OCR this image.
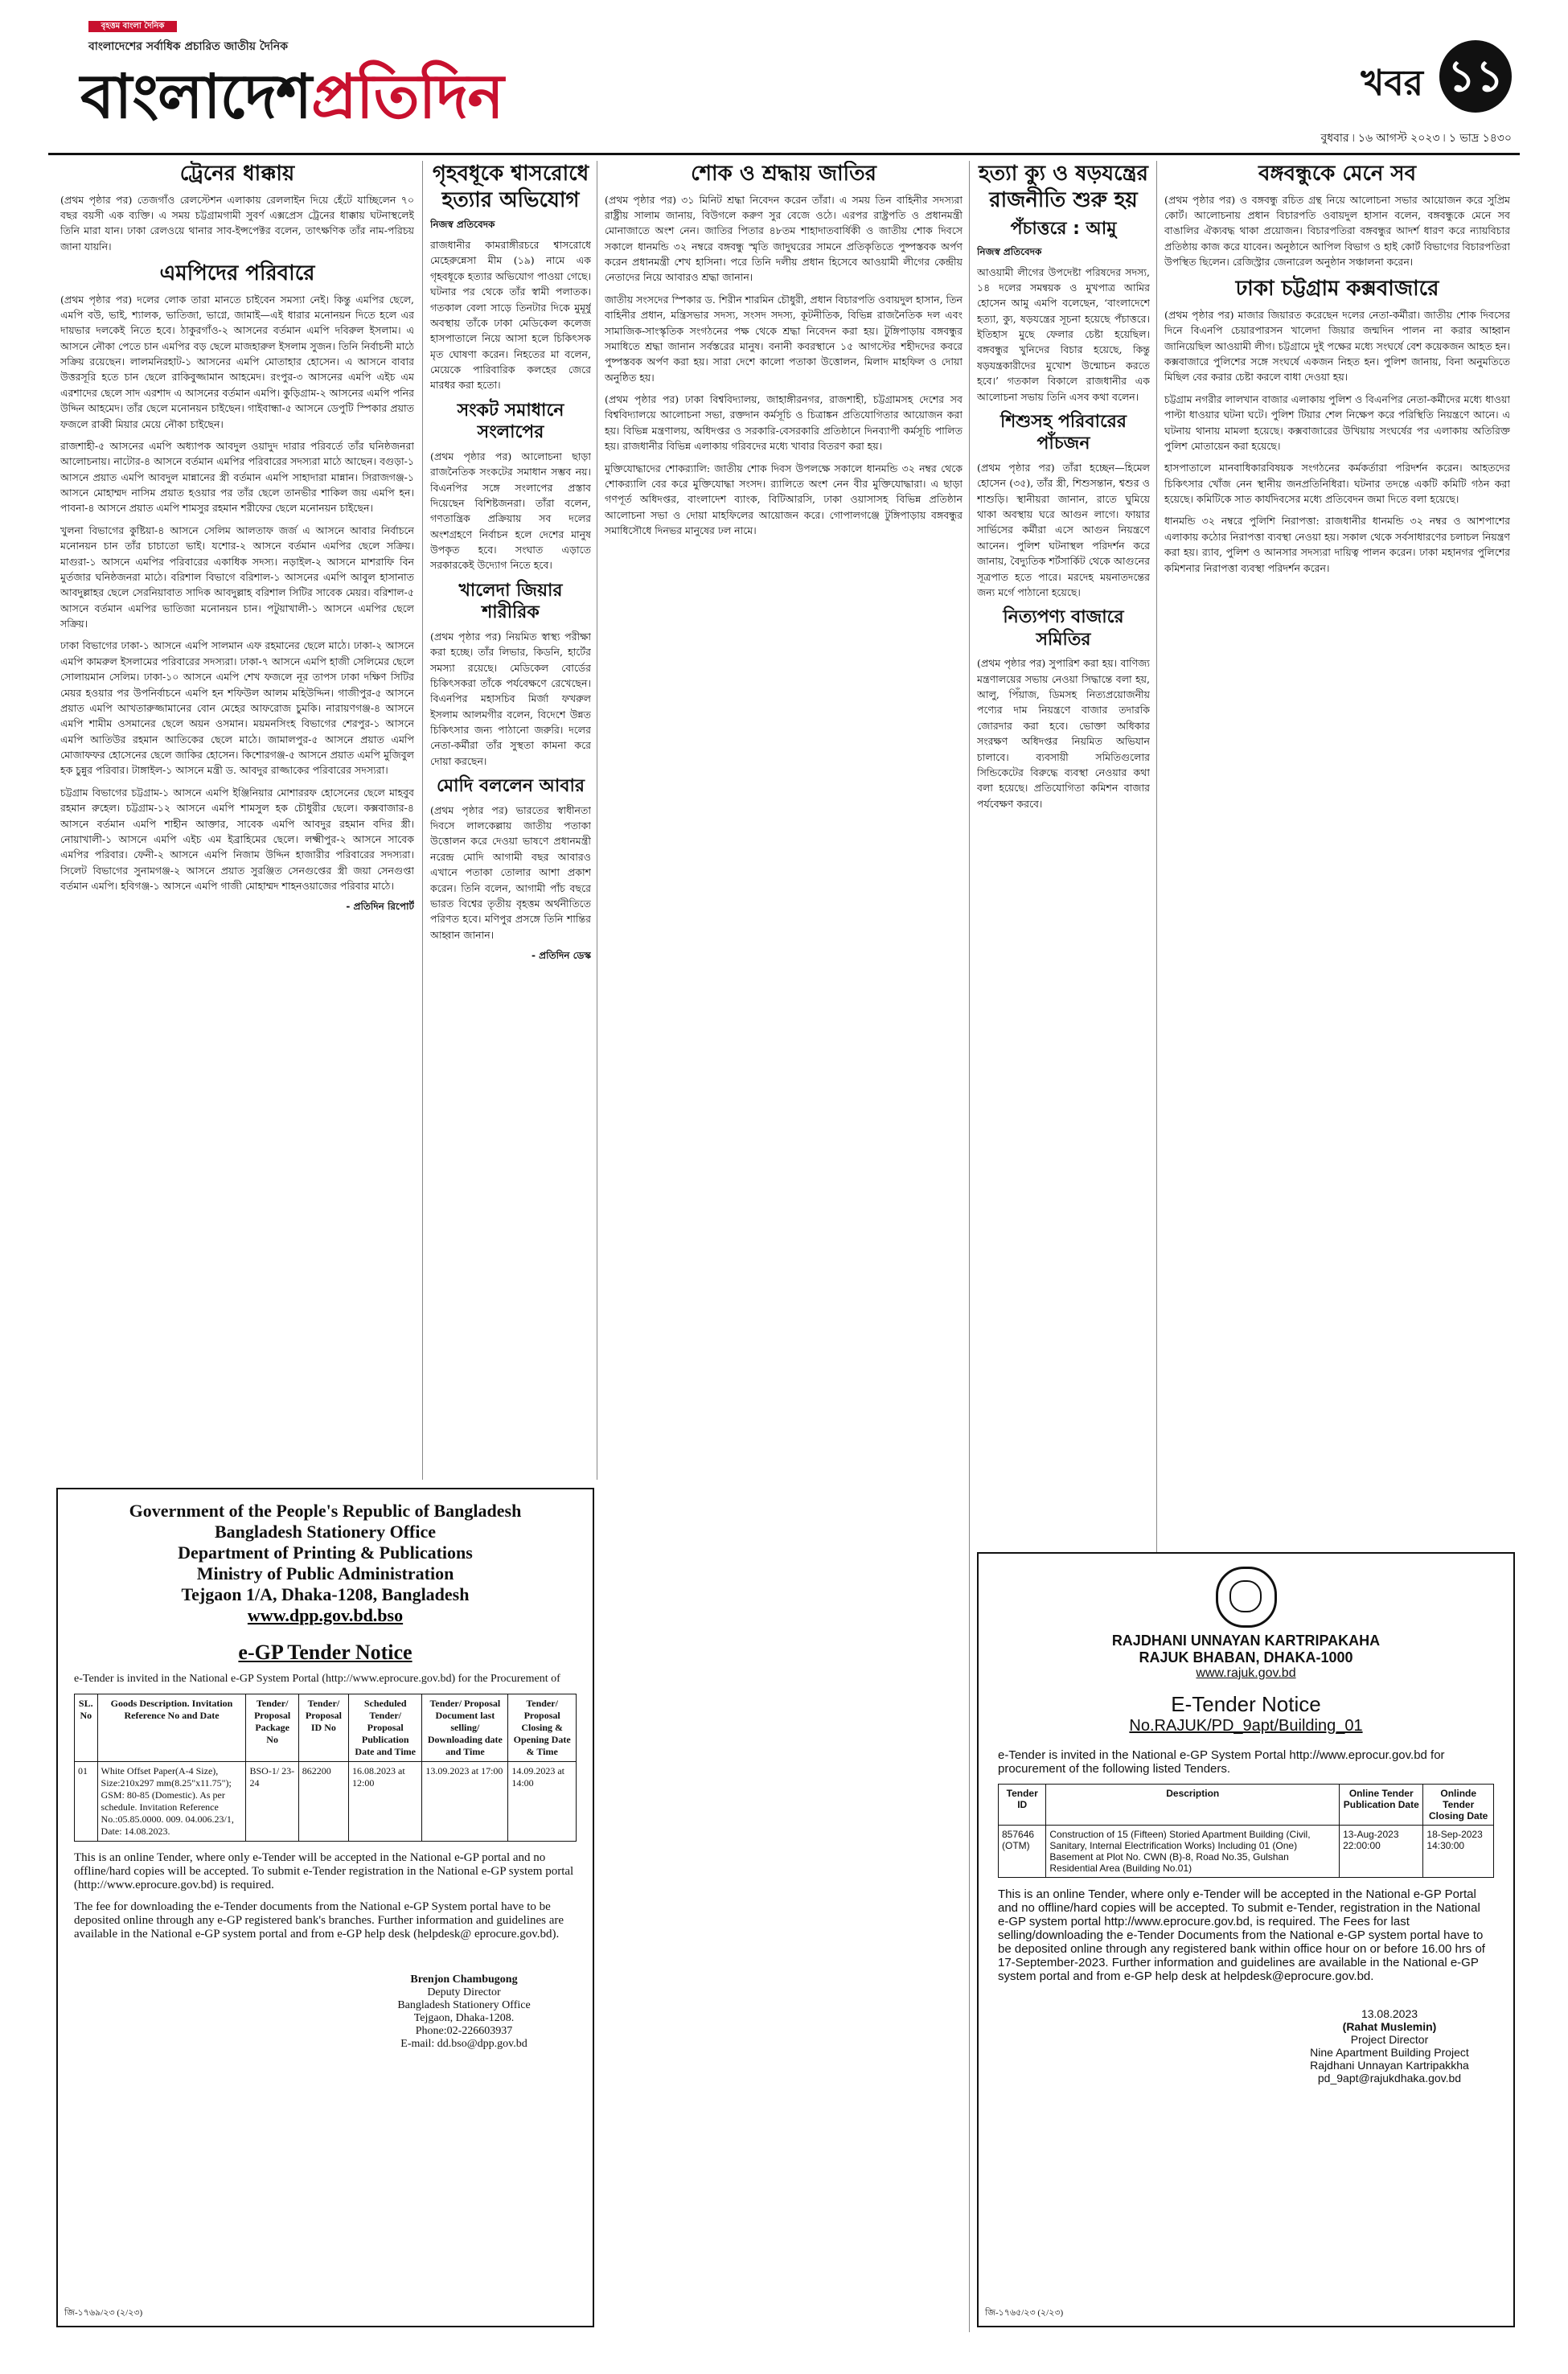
বৃহত্তম বাংলা দৈনিক
বাংলাদেশের সর্বাধিক প্রচারিত জাতীয় দৈনিক
বাংলাদেশপ্রতিদিন	খবর ১১
বুধবার ৷ ১৬ আগস্ট ২০২৩ ৷ ১ ভাদ্র ১৪৩০
ট্রেনের ধাক্কায়

(প্রথম পৃষ্ঠার পর) তেজগাঁও রেলস্টেশন এলাকায় রেললাইন দিয়ে হেঁটে যাচ্ছিলেন ৭০ বছর বয়সী এক ব্যক্তি। এ সময় চট্টগ্রামগামী সুবর্ণ এক্সপ্রেস ট্রেনের ধাক্কায় ঘটনাস্থলেই তিনি মারা যান। ঢাকা রেলওয়ে থানার সাব-ইন্সপেক্টর বলেন, তাৎক্ষণিক তাঁর নাম-পরিচয় জানা যায়নি।

এমপিদের পরিবারে

(প্রথম পৃষ্ঠার পর) দলের লোক তারা মানতে চাইবেন সমস্যা নেই। কিন্তু এমপির ছেলে, এমপি বউ, ভাই, শ্যালক, ভাতিজা, ভাগ্নে, জামাই—এই ধারার মনোনয়ন দিতে হলে এর দায়ভার দলকেই নিতে হবে। ঠাকুরগাঁও-২ আসনের বর্তমান এমপি দবিরুল ইসলাম। এ আসনে নৌকা পেতে চান এমপির বড় ছেলে মাজহারুল ইসলাম সুজন। তিনি নির্বাচনী মাঠে সক্রিয় রয়েছেন। লালমনিরহাট-১ আসনের এমপি মোতাহার হোসেন। এ আসনে বাবার উত্তরসূরি হতে চান ছেলে রাকিবুজ্জামান আহমেদ। রংপুর-৩ আসনের এমপি এইচ এম এরশাদের ছেলে সাদ এরশাদ এ আসনের বর্তমান এমপি। কুড়িগ্রাম-২ আসনের এমপি পনির উদ্দিন আহমেদ। তাঁর ছেলে মনোনয়ন চাইছেন। গাইবান্ধা-৫ আসনে ডেপুটি স্পিকার প্রয়াত ফজলে রাব্বী মিয়ার মেয়ে নৌকা চাইছেন।

রাজশাহী-৫ আসনের এমপি অধ্যাপক আবদুল ওয়াদুদ দারার পরিবর্তে তাঁর ঘনিষ্ঠজনরা আলোচনায়। নাটোর-৪ আসনে বর্তমান এমপির পরিবারের সদস্যরা মাঠে আছেন। বগুড়া-১ আসনে প্রয়াত এমপি আবদুল মান্নানের স্ত্রী বর্তমান এমপি সাহাদারা মান্নান। সিরাজগঞ্জ-১ আসনে মোহাম্মদ নাসিম প্রয়াত হওয়ার পর তাঁর ছেলে তানভীর শাকিল জয় এমপি হন। পাবনা-৪ আসনে প্রয়াত এমপি শামসুর রহমান শরীফের ছেলে মনোনয়ন চাইছেন।

খুলনা বিভাগের কুষ্টিয়া-৪ আসনে সেলিম আলতাফ জর্জ এ আসনে আবার নির্বাচনে মনোনয়ন চান তাঁর চাচাতো ভাই। যশোর-২ আসনে বর্তমান এমপির ছেলে সক্রিয়। মাগুরা-১ আসনে এমপির পরিবারের একাধিক সদস্য। নড়াইল-২ আসনে মাশরাফি বিন মুর্তজার ঘনিষ্ঠজনরা মাঠে। বরিশাল বিভাগে বরিশাল-১ আসনের এমপি আবুল হাসানাত আবদুল্লাহর ছেলে সেরনিয়াবাত সাদিক আবদুল্লাহ বরিশাল সিটির সাবেক মেয়র। বরিশাল-৫ আসনে বর্তমান এমপির ভাতিজা মনোনয়ন চান। পটুয়াখালী-১ আসনে এমপির ছেলে সক্রিয়।

ঢাকা বিভাগের ঢাকা-১ আসনে এমপি সালমান এফ রহমানের ছেলে মাঠে। ঢাকা-২ আসনে এমপি কামরুল ইসলামের পরিবারের সদস্যরা। ঢাকা-৭ আসনে এমপি হাজী সেলিমের ছেলে সোলায়মান সেলিম। ঢাকা-১০ আসনে এমপি শেখ ফজলে নূর তাপস ঢাকা দক্ষিণ সিটির মেয়র হওয়ার পর উপনির্বাচনে এমপি হন শফিউল আলম মহিউদ্দিন। গাজীপুর-৫ আসনে প্রয়াত এমপি আখতারুজ্জামানের বোন মেহের আফরোজ চুমকি। নারায়ণগঞ্জ-৪ আসনে এমপি শামীম ওসমানের ছেলে অয়ন ওসমান। ময়মনসিংহ বিভাগের শেরপুর-১ আসনে এমপি আতিউর রহমান আতিকের ছেলে মাঠে। জামালপুর-৫ আসনে প্রয়াত এমপি মোজাফফর হোসেনের ছেলে জাকির হোসেন। কিশোরগঞ্জ-৫ আসনে প্রয়াত এমপি মুজিবুল হক চুন্নুর পরিবার। টাঙ্গাইল-১ আসনে মন্ত্রী ড. আবদুর রাজ্জাকের পরিবারের সদস্যরা।

চট্টগ্রাম বিভাগের চট্টগ্রাম-১ আসনে এমপি ইঞ্জিনিয়ার মোশাররফ হোসেনের ছেলে মাহবুব রহমান রুহেল। চট্টগ্রাম-১২ আসনে এমপি শামসুল হক চৌধুরীর ছেলে। কক্সবাজার-৪ আসনে বর্তমান এমপি শাহীন আক্তার, সাবেক এমপি আবদুর রহমান বদির স্ত্রী। নোয়াখালী-১ আসনে এমপি এইচ এম ইব্রাহিমের ছেলে। লক্ষ্মীপুর-২ আসনে সাবেক এমপির পরিবার। ফেনী-২ আসনে এমপি নিজাম উদ্দিন হাজারীর পরিবারের সদস্যরা। সিলেট বিভাগের সুনামগঞ্জ-২ আসনে প্রয়াত সুরঞ্জিত সেনগুপ্তের স্ত্রী জয়া সেনগুপ্তা বর্তমান এমপি। হবিগঞ্জ-১ আসনে এমপি গাজী মোহাম্মদ শাহনওয়াজের পরিবার মাঠে।

- প্রতিদিন রিপোর্ট
গৃহবধূকে শ্বাসরোধে হত্যার অভিযোগ
নিজস্ব প্রতিবেদক

রাজধানীর কামরাঙ্গীরচরে শ্বাসরোধে মেহেরুন্নেসা মীম (১৯) নামে এক গৃহবধূকে হত্যার অভিযোগ পাওয়া গেছে। ঘটনার পর থেকে তাঁর স্বামী পলাতক। গতকাল বেলা সাড়ে তিনটার দিকে মুমূর্ষু অবস্থায় তাঁকে ঢাকা মেডিকেল কলেজ হাসপাতালে নিয়ে আসা হলে চিকিৎসক মৃত ঘোষণা করেন। নিহতের মা বলেন, মেয়েকে পারিবারিক কলহের জেরে মারধর করা হতো।

সংকট সমাধানে সংলাপের

(প্রথম পৃষ্ঠার পর) আলোচনা ছাড়া রাজনৈতিক সংকটের সমাধান সম্ভব নয়। বিএনপির সঙ্গে সংলাপের প্রস্তাব দিয়েছেন বিশিষ্টজনরা। তাঁরা বলেন, গণতান্ত্রিক প্রক্রিয়ায় সব দলের অংশগ্রহণে নির্বাচন হলে দেশের মানুষ উপকৃত হবে। সংঘাত এড়াতে সরকারকেই উদ্যোগ নিতে হবে।

খালেদা জিয়ার শারীরিক

(প্রথম পৃষ্ঠার পর) নিয়মিত স্বাস্থ্য পরীক্ষা করা হচ্ছে। তাঁর লিভার, কিডনি, হার্টের সমস্যা রয়েছে। মেডিকেল বোর্ডের চিকিৎসকরা তাঁকে পর্যবেক্ষণে রেখেছেন। বিএনপির মহাসচিব মির্জা ফখরুল ইসলাম আলমগীর বলেন, বিদেশে উন্নত চিকিৎসার জন্য পাঠানো জরুরি। দলের নেতা-কর্মীরা তাঁর সুস্থতা কামনা করে দোয়া করছেন।

মোদি বললেন আবার

(প্রথম পৃষ্ঠার পর) ভারতের স্বাধীনতা দিবসে লালকেল্লায় জাতীয় পতাকা উত্তোলন করে দেওয়া ভাষণে প্রধানমন্ত্রী নরেন্দ্র মোদি আগামী বছর আবারও এখানে পতাকা তোলার আশা প্রকাশ করেন। তিনি বলেন, আগামী পাঁচ বছরে ভারত বিশ্বের তৃতীয় বৃহত্তম অর্থনীতিতে পরিণত হবে। মণিপুর প্রসঙ্গে তিনি শান্তির আহ্বান জানান।

- প্রতিদিন ডেস্ক
শোক ও শ্রদ্ধায় জাতির

(প্রথম পৃষ্ঠার পর) ৩১ মিনিট শ্রদ্ধা নিবেদন করেন তাঁরা। এ সময় তিন বাহিনীর সদস্যরা রাষ্ট্রীয় সালাম জানায়, বিউগলে করুণ সুর বেজে ওঠে। এরপর রাষ্ট্রপতি ও প্রধানমন্ত্রী মোনাজাতে অংশ নেন। জাতির পিতার ৪৮তম শাহাদাতবার্ষিকী ও জাতীয় শোক দিবসে সকালে ধানমন্ডি ৩২ নম্বরে বঙ্গবন্ধু স্মৃতি জাদুঘরের সামনে প্রতিকৃতিতে পুষ্পস্তবক অর্পণ করেন প্রধানমন্ত্রী শেখ হাসিনা। পরে তিনি দলীয় প্রধান হিসেবে আওয়ামী লীগের কেন্দ্রীয় নেতাদের নিয়ে আবারও শ্রদ্ধা জানান।

জাতীয় সংসদের স্পিকার ড. শিরীন শারমিন চৌধুরী, প্রধান বিচারপতি ওবায়দুল হাসান, তিন বাহিনীর প্রধান, মন্ত্রিসভার সদস্য, সংসদ সদস্য, কূটনীতিক, বিভিন্ন রাজনৈতিক দল এবং সামাজিক-সাংস্কৃতিক সংগঠনের পক্ষ থেকে শ্রদ্ধা নিবেদন করা হয়। টুঙ্গিপাড়ায় বঙ্গবন্ধুর সমাধিতে শ্রদ্ধা জানান সর্বস্তরের মানুষ। বনানী কবরস্থানে ১৫ আগস্টের শহীদদের কবরে পুষ্পস্তবক অর্পণ করা হয়। সারা দেশে কালো পতাকা উত্তোলন, মিলাদ মাহফিল ও দোয়া অনুষ্ঠিত হয়।

(প্রথম পৃষ্ঠার পর) ঢাকা বিশ্ববিদ্যালয়, জাহাঙ্গীরনগর, রাজশাহী, চট্টগ্রামসহ দেশের সব বিশ্ববিদ্যালয়ে আলোচনা সভা, রক্তদান কর্মসূচি ও চিত্রাঙ্কন প্রতিযোগিতার আয়োজন করা হয়। বিভিন্ন মন্ত্রণালয়, অধিদপ্তর ও সরকারি-বেসরকারি প্রতিষ্ঠানে দিনব্যাপী কর্মসূচি পালিত হয়। রাজধানীর বিভিন্ন এলাকায় গরিবদের মধ্যে খাবার বিতরণ করা হয়।

মুক্তিযোদ্ধাদের শোকর‍্যালি: জাতীয় শোক দিবস উপলক্ষে সকালে ধানমন্ডি ৩২ নম্বর থেকে শোকর‍্যালি বের করে মুক্তিযোদ্ধা সংসদ। র‍্যালিতে অংশ নেন বীর মুক্তিযোদ্ধারা। এ ছাড়া গণপূর্ত অধিদপ্তর, বাংলাদেশ ব্যাংক, বিটিআরসি, ঢাকা ওয়াসাসহ বিভিন্ন প্রতিষ্ঠান আলোচনা সভা ও দোয়া মাহফিলের আয়োজন করে। গোপালগঞ্জে টুঙ্গিপাড়ায় বঙ্গবন্ধুর সমাধিসৌধে দিনভর মানুষের ঢল নামে।

হত্যা ক্যু ও ষড়যন্ত্রের রাজনীতি শুরু হয়
পঁচাত্তরে : আমু
নিজস্ব প্রতিবেদক

আওয়ামী লীগের উপদেষ্টা পরিষদের সদস্য, ১৪ দলের সমন্বয়ক ও মুখপাত্র আমির হোসেন আমু এমপি বলেছেন, ‘বাংলাদেশে হত্যা, ক্যু, ষড়যন্ত্রের সূচনা হয়েছে পঁচাত্তরে। ইতিহাস মুছে ফেলার চেষ্টা হয়েছিল। বঙ্গবন্ধুর খুনিদের বিচার হয়েছে, কিন্তু ষড়যন্ত্রকারীদের মুখোশ উন্মোচন করতে হবে।’ গতকাল বিকালে রাজধানীর এক আলোচনা সভায় তিনি এসব কথা বলেন।

শিশুসহ পরিবারের পাঁচজন

(প্রথম পৃষ্ঠার পর) তাঁরা হচ্ছেন—হিমেল হোসেন (৩৫), তাঁর স্ত্রী, শিশুসন্তান, শ্বশুর ও শাশুড়ি। স্থানীয়রা জানান, রাতে ঘুমিয়ে থাকা অবস্থায় ঘরে আগুন লাগে। ফায়ার সার্ভিসের কর্মীরা এসে আগুন নিয়ন্ত্রণে আনেন। পুলিশ ঘটনাস্থল পরিদর্শন করে জানায়, বৈদ্যুতিক শর্টসার্কিট থেকে আগুনের সূত্রপাত হতে পারে। মরদেহ ময়নাতদন্তের জন্য মর্গে পাঠানো হয়েছে।

নিত্যপণ্য বাজারে সমিতির

(প্রথম পৃষ্ঠার পর) সুপারিশ করা হয়। বাণিজ্য মন্ত্রণালয়ের সভায় নেওয়া সিদ্ধান্তে বলা হয়, আলু, পিঁয়াজ, ডিমসহ নিত্যপ্রয়োজনীয় পণ্যের দাম নিয়ন্ত্রণে বাজার তদারকি জোরদার করা হবে। ভোক্তা অধিকার সংরক্ষণ অধিদপ্তর নিয়মিত অভিযান চালাবে। ব্যবসায়ী সমিতিগুলোর সিন্ডিকেটের বিরুদ্ধে ব্যবস্থা নেওয়ার কথা বলা হয়েছে। প্রতিযোগিতা কমিশন বাজার পর্যবেক্ষণ করবে।

বঙ্গবন্ধুকে মেনে সব

(প্রথম পৃষ্ঠার পর) ও বঙ্গবন্ধু রচিত গ্রন্থ নিয়ে আলোচনা সভার আয়োজন করে সুপ্রিম কোর্ট। আলোচনায় প্রধান বিচারপতি ওবায়দুল হাসান বলেন, বঙ্গবন্ধুকে মেনে সব বাঙালির ঐক্যবদ্ধ থাকা প্রয়োজন। বিচারপতিরা বঙ্গবন্ধুর আদর্শ ধারণ করে ন্যায়বিচার প্রতিষ্ঠায় কাজ করে যাবেন। অনুষ্ঠানে আপিল বিভাগ ও হাই কোর্ট বিভাগের বিচারপতিরা উপস্থিত ছিলেন। রেজিস্ট্রার জেনারেল অনুষ্ঠান সঞ্চালনা করেন।

ঢাকা চট্টগ্রাম কক্সবাজারে

(প্রথম পৃষ্ঠার পর) মাজার জিয়ারত করেছেন দলের নেতা-কর্মীরা। জাতীয় শোক দিবসের দিনে বিএনপি চেয়ারপারসন খালেদা জিয়ার জন্মদিন পালন না করার আহ্বান জানিয়েছিল আওয়ামী লীগ। চট্টগ্রামে দুই পক্ষের মধ্যে সংঘর্ষে বেশ কয়েকজন আহত হন। কক্সবাজারে পুলিশের সঙ্গে সংঘর্ষে একজন নিহত হন। পুলিশ জানায়, বিনা অনুমতিতে মিছিল বের করার চেষ্টা করলে বাধা দেওয়া হয়।

চট্টগ্রাম নগরীর লালখান বাজার এলাকায় পুলিশ ও বিএনপির নেতা-কর্মীদের মধ্যে ধাওয়া পাল্টা ধাওয়ার ঘটনা ঘটে। পুলিশ টিয়ার শেল নিক্ষেপ করে পরিস্থিতি নিয়ন্ত্রণে আনে। এ ঘটনায় থানায় মামলা হয়েছে। কক্সবাজারের উখিয়ায় সংঘর্ষের পর এলাকায় অতিরিক্ত পুলিশ মোতায়েন করা হয়েছে।

হাসপাতালে মানবাধিকারবিষয়ক সংগঠনের কর্মকর্তারা পরিদর্শন করেন। আহতদের চিকিৎসার খোঁজ নেন স্থানীয় জনপ্রতিনিধিরা। ঘটনার তদন্তে একটি কমিটি গঠন করা হয়েছে। কমিটিকে সাত কার্যদিবসের মধ্যে প্রতিবেদন জমা দিতে বলা হয়েছে।

ধানমন্ডি ৩২ নম্বরে পুলিশি নিরাপত্তা: রাজধানীর ধানমন্ডি ৩২ নম্বর ও আশপাশের এলাকায় কঠোর নিরাপত্তা ব্যবস্থা নেওয়া হয়। সকাল থেকে সর্বসাধারণের চলাচল নিয়ন্ত্রণ করা হয়। র‍্যাব, পুলিশ ও আনসার সদস্যরা দায়িত্ব পালন করেন। ঢাকা মহানগর পুলিশের কমিশনার নিরাপত্তা ব্যবস্থা পরিদর্শন করেন।

Government of the People's Republic of Bangladesh
Bangladesh Stationery Office
Department of Printing & Publications
Ministry of Public Administration
Tejgaon 1/A, Dhaka-1208, Bangladesh
www.dpp.gov.bd.bso
e-GP Tender Notice
e-Tender is invited in the National e-GP System Portal (http://www.eprocure.gov.bd) for the Procurement of
SL. No	Goods Description. Invitation Reference No and Date	Tender/ Proposal Package No	Tender/ Proposal ID No	Scheduled Tender/ Proposal Publication Date and Time	Tender/ Proposal Document last selling/ Downloading date and Time	Tender/ Proposal Closing & Opening Date & Time
01	White Offset Paper(A-4 Size), Size:210x297 mm(8.25"x11.75"); GSM: 80-85 (Domestic). As per schedule. Invitation Reference No.:05.85.0000. 009. 04.006.23/1, Date: 14.08.2023.	BSO-1/ 23-24	862200	16.08.2023 at 12:00	13.09.2023 at 17:00	14.09.2023 at 14:00
This is an online Tender, where only e-Tender will be accepted in the National e-GP portal and no offline/hard copies will be accepted. To submit e-Tender registration in the National e-GP system portal (http://www.eprocure.gov.bd) is required.
The fee for downloading the e-Tender documents from the National e-GP System portal have to be deposited online through any e-GP registered bank's branches. Further information and guidelines are available in the National e-GP system portal and from e-GP help desk (helpdesk@ eprocure.gov.bd).
Brenjon Chambugong
Deputy Director
Bangladesh Stationery Office
Tejgaon, Dhaka-1208.
Phone:02-226603937
E-mail: dd.bso@dpp.gov.bd
জি-১৭৬৯/২৩ (২/২৩)
RAJDHANI UNNAYAN KARTRIPAKAHA
RAJUK BHABAN, DHAKA-1000
www.rajuk.gov.bd
E-Tender Notice
No.RAJUK/PD_9apt/Building_01
e-Tender is invited in the National e-GP System Portal http://www.eprocur.gov.bd for procurement of the following listed Tenders.
Tender ID	Description	Online Tender Publication Date	Onlinde Tender Closing Date
857646 (OTM)	Construction of 15 (Fifteen) Storied Apartment Building (Civil, Sanitary, Internal Electrification Works) Including 01 (One) Basement at Plot No. CWN (B)-8, Road No.35, Gulshan Residential Area (Building No.01)	13-Aug-2023 22:00:00	18-Sep-2023 14:30:00
This is an online Tender, where only e-Tender will be accepted in the National e-GP Portal and no offline/hard copies will be accepted. To submit e-Tender, registration in the National e-GP system portal http://www.eprocure.gov.bd, is required. The Fees for last selling/downloading the e-Tender Documents from the National e-GP system portal have to be deposited online through any registered bank within office hour on or before 16.00 hrs of 17-September-2023. Further information and guidelines are available in the National e-GP system portal and from e-GP help desk at helpdesk@eprocure.gov.bd.
13.08.2023
(Rahat Muslemin)
Project Director
Nine Apartment Building Project
Rajdhani Unnayan Kartripakkha
pd_9apt@rajukdhaka.gov.bd
জি-১৭৬৫/২৩ (২/২৩)
